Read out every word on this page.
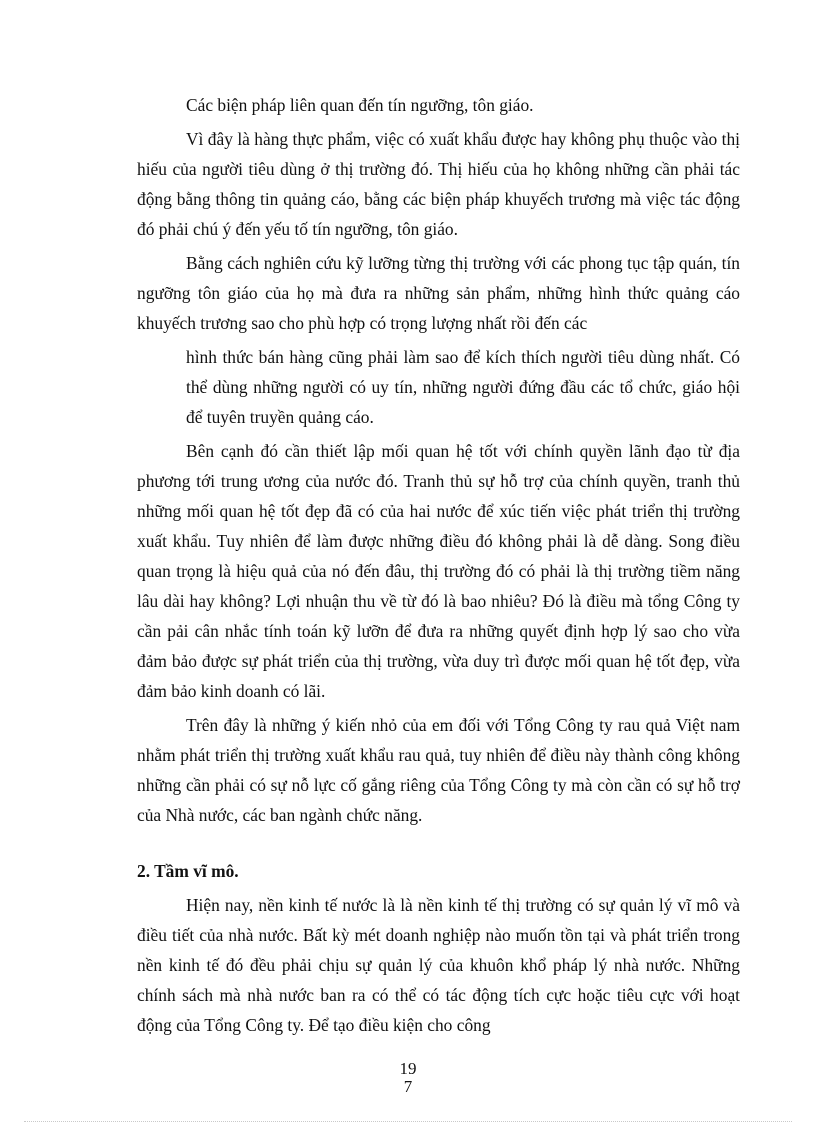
Các biện pháp liên quan đến tín ngưỡng, tôn giáo.

Vì đây là hàng thực phẩm, việc có xuất khẩu được hay không phụ thuộc vào thị hiếu của người tiêu dùng ở thị trường đó. Thị hiếu của họ không những cần phải tác động bằng thông tin quảng cáo, bằng các biện pháp khuyếch trương mà việc tác động đó phải chú ý đến yếu tố tín ngưỡng, tôn giáo.

Bằng cách nghiên cứu kỹ lưỡng từng thị trường với các phong tục tập quán, tín ngưỡng tôn giáo của họ mà đưa ra những sản phẩm, những hình thức quảng cáo khuyếch trương sao cho phù hợp có trọng lượng nhất rồi đến các

hình thức bán hàng cũng phải làm sao để kích thích người tiêu dùng nhất. Có thể dùng những người có uy tín, những người đứng đầu các tổ chức, giáo hội để tuyên truyền quảng cáo.

Bên cạnh đó cần thiết lập mối quan hệ tốt với chính quyền lãnh đạo từ địa phương tới trung ương của nước đó. Tranh thủ sự hỗ trợ của chính quyền, tranh thủ những mối quan hệ tốt đẹp đã có của hai nước để xúc tiến việc phát triển thị trường xuất khẩu. Tuy nhiên để làm được những điều đó không phải là dễ dàng. Song điều quan trọng là hiệu quả của nó đến đâu, thị trường đó có phải là thị trường tiềm năng lâu dài hay không? Lợi nhuận thu về từ đó là bao nhiêu? Đó là điều mà tổng Công ty cần pải cân nhắc tính toán kỹ lưỡn để đưa ra những quyết định hợp lý sao cho vừa đảm bảo được sự phát triển của thị trường, vừa duy trì được mối quan hệ tốt đẹp, vừa đảm bảo kinh doanh có lãi.

Trên đây là những ý kiến nhỏ của em đối với Tổng Công ty rau quả Việt nam nhằm phát triển thị trường xuất khẩu rau quả, tuy nhiên để điều này thành công không những cần phải có sự nỗ lực cố gắng riêng của Tổng Công ty mà còn cần có sự hỗ trợ của Nhà nước, các ban ngành chức năng.

2. Tầm vĩ mô.

Hiện nay, nền kinh tế nước là là nền kinh tế thị trường có sự quản lý vĩ mô và điều tiết của nhà nước. Bất kỳ mét doanh nghiệp nào muốn tồn tại và phát triển trong nền kinh tế đó đều phải chịu sự quản lý của khuôn khổ pháp lý nhà nước. Những chính sách mà nhà nước ban ra có thể có tác động tích cực hoặc tiêu cực với hoạt động của Tổng Công ty. Để tạo điều kiện cho công

19
7
